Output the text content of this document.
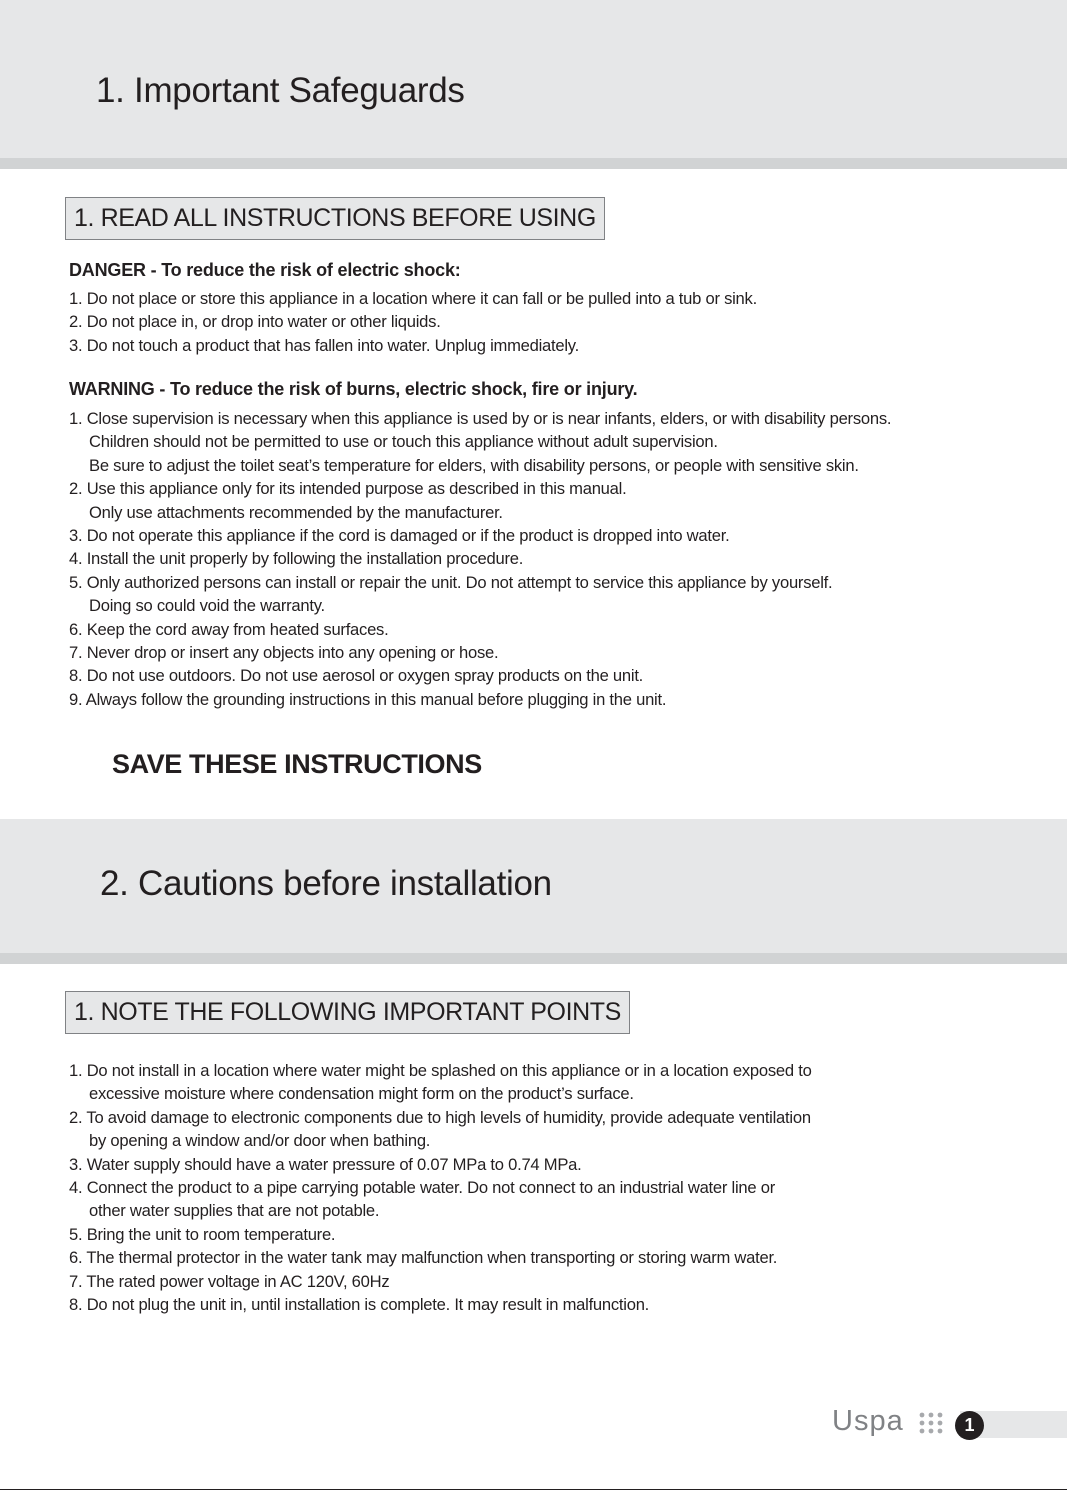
1. Important Safeguards
1. READ ALL INSTRUCTIONS BEFORE USING
DANGER - To reduce the risk of electric shock:
1. Do not place or store this appliance in a location where it can fall or be pulled into a tub or sink.
2. Do not place in, or drop into water or other liquids.
3. Do not touch a product that has fallen into water. Unplug immediately.
WARNING - To reduce the risk of burns, electric shock, fire or injury.
1. Close supervision is necessary when this appliance is used by or is near infants, elders, or with disability persons.
Children should not be permitted to use or touch this appliance without adult supervision.
Be sure to adjust the toilet seat’s temperature for elders, with disability persons, or people with sensitive skin.
2. Use this appliance only for its intended purpose as described in this manual.
Only use attachments recommended by the manufacturer.
3. Do not operate this appliance if the cord is damaged or if the product is dropped into water.
4. Install the unit properly by following the installation procedure.
5. Only authorized persons can install or repair the unit. Do not attempt to service this appliance by yourself.
Doing so could void the warranty.
6. Keep the cord away from heated surfaces.
7. Never drop or insert any objects into any opening or hose.
8. Do not use outdoors. Do not use aerosol or oxygen spray products on the unit.
9. Always follow the grounding instructions in this manual before plugging in the unit.
SAVE THESE INSTRUCTIONS
2. Cautions before installation
1. NOTE THE FOLLOWING IMPORTANT POINTS
1. Do not install in a location where water might be splashed on this appliance or in a location exposed to
excessive moisture where condensation might form on the product’s surface.
2. To avoid damage to electronic components due to high levels of humidity, provide adequate ventilation
by opening a window and/or door when bathing.
3. Water supply should have a water pressure of 0.07 MPa to 0.74 MPa.
4. Connect the product to a pipe carrying potable water. Do not connect to an industrial water line or
other water supplies that are not potable.
5. Bring the unit to room temperature.
6. The thermal protector in the water tank may malfunction when transporting or storing warm water.
7. The rated power voltage in AC 120V, 60Hz
8. Do not plug the unit in, until installation is complete. It may result in malfunction.
Uspa	1
